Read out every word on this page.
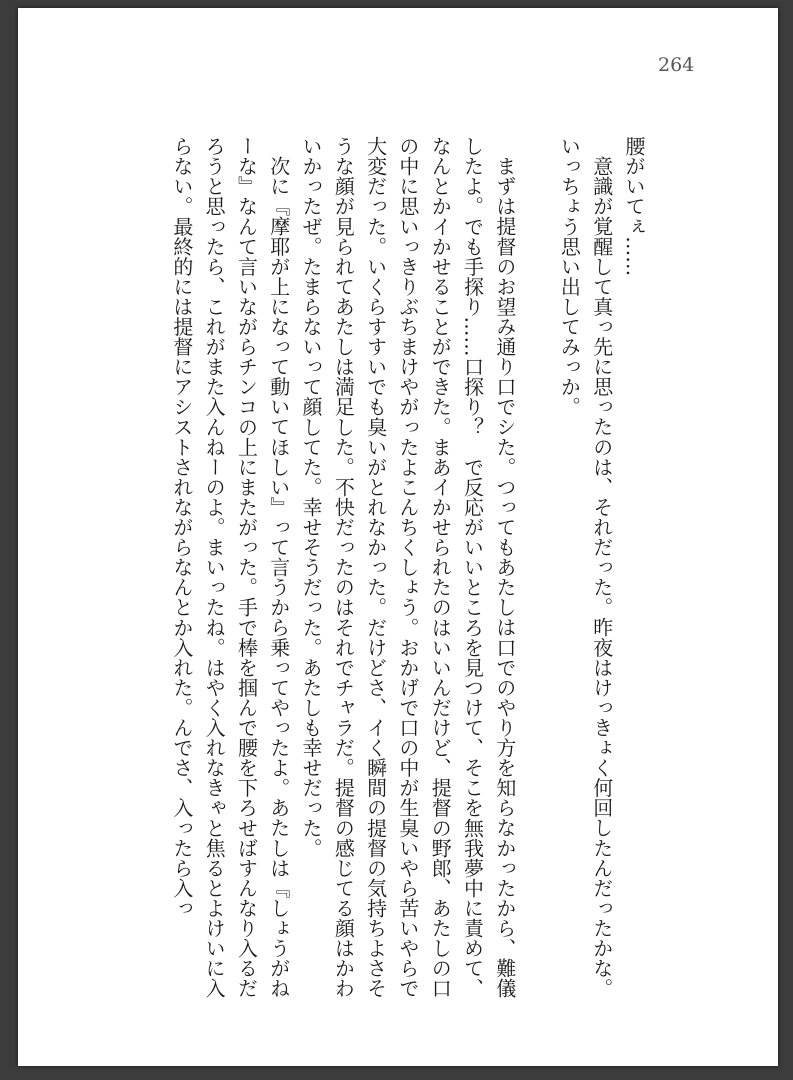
264

腰がいてぇ……

意識が覚醒して真っ先に思ったのは、それだった。昨夜はけっきょく何回したんだったかな。いっちょう思い出してみっか。

まずは提督のお望み通り口でシた。つってもあたしは口でのやり方を知らなかったから、難儀したよ。でも手探り……口探り？　で反応がいいところを見つけて、そこを無我夢中に責めて、なんとかイかせることができた。まあイかせられたのはいいんだけど、提督の野郎、あたしの口の中に思いっきりぶちまけやがったよこんちくしょう。おかげで口の中が生臭いやら苦いやらで大変だった。いくらすすいでも臭いがとれなかった。だけどさ、イく瞬間の提督の気持ちよさそうな顔が見られてあたしは満足した。不快だったのはそれでチャラだ。提督の感じてる顔はかわいかったぜ。たまらないって顔してた。幸せそうだった。あたしも幸せだった。

次に『摩耶が上になって動いてほしい』って言うから乗ってやったよ。あたしは『しょうがねーな』なんて言いながらチンコの上にまたがった。手で棒を掴んで腰を下ろせばすんなり入るだろうと思ったら、これがまた入んねーのよ。まいったね。はやく入れなきゃと焦るとよけいに入らない。最終的には提督にアシストされながらなんとか入れた。んでさ、入ったら入っ
